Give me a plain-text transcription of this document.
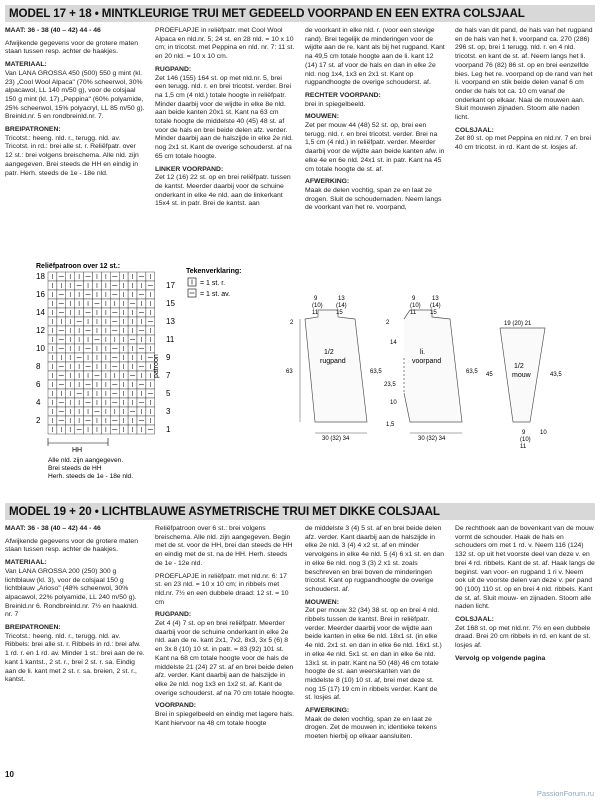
MODEL 17 + 18 • MINTKLEURIGE TRUI MET GEDEELD VOORPAND EN EEN EXTRA COLSJAAL

MAAT: 36 - 38 (40 – 42) 44 - 46

Afwijkende gegevens voor de grotere maten staan tussen resp. achter de haakjes.

MATERIAAL:

Van LANA GROSSA 450 (500) 550 g mint (kl. 23) „Cool Wool Alpaca" (70% scheerwol, 30% alpacawol, LL 140 m/50 g), voor de colsjaal 150 g mint (kl. 17) „Peppina" (60% polyamide, 25% scheerwol, 15% polyacryl, LL 85 m/50 g). Breinld.nr. 5 en rondbreinld.nr. 7.

BREIPATRONEN:

Tricotst.: heeng. nld. r., terugg. nld. av. Tricotst. in rd.: brei alle st. r. Reliëfpatr. over 12 st.: brei volgens breischema. Alle nld. zijn aangegeven. Brei steeds de HH en eindig in patr. Herh. steeds de 1e - 18e nld.

PROEFLAPJE in reliëfpatr. met Cool Wool Alpaca en nld.nr. 5; 24 st. en 28 nld. = 10 x 10 cm; in tricotst. met Peppina en nld. nr. 7: 11 st. en 20 nld. = 10 x 10 cm.

RUGPAND:

Zet 146 (155) 164 st. op met nld.nr. 5, brei een terugg. nld. r. en brei tricotst. verder. Brei na 1,5 cm (4 nld.) totale hoogte in reliëfpatr. Minder daarbij voor de wijdte in elke 8e nld. aan beide kanten 20x1 st. Kant na 63 cm totale hoogte de middelste 40 (45) 48 st. af voor de hals en brei beide delen afz. verder. Minder daarbij aan de halszijde in elke 2e nld. nog 2x1 st. Kant de overige schouderst. af na 65 cm totale hoogte.

LINKER VOORPAND:

Zet 12 (16) 22 st. op en brei reliëfpatr. tussen de kantst. Meerder daarbij voor de schuine onderkant in elke 4e nld. aan de linkerkant 15x4 st. in patr. Brei de kantst. aan

de voorkant in elke nld. r. (voor een stevige rand). Brei tegelijk de minderingen voor de wijdte aan de re. kant als bij het rugpand. Kant na 49,5 cm totale hoogte aan de li. kant 12 (14) 17 st. af voor de hals en dan in elke 2e nld. nog 1x4, 1x3 en 2x1 st. Kant op rugpandhoogte de overige schouderst. af.

RECHTER VOORPAND:

brei in spiegelbeeld.

MOUWEN:

Zet per mouw 44 (48) 52 st. op, brei een terugg. nld. r. en brei tricotst. verder. Brei na 1,5 cm (4 nld.) in reliëfpatr. verder. Meerder daarbij voor de wijdte aan beide kanten afw. in elke 4e en 6e nld. 24x1 st. in patr. Kant na 45 cm totale hoogte de st. af.

AFWERKING:

Maak de delen vochtig, span ze en laat ze drogen. Sluit de schoudernaden. Neem langs de voorkant van het re. voorpand,

de hals van dit pand, de hals van het rugpand en de hals van het li. voorpand ca. 270 (286) 296 st. op, brei 1 terugg. nld. r. en 4 nld. tricotst. en kant de st. af. Neem langs het li. voorpand 76 (82) 86 st. op en brei eenzelfde bies. Leg het re. voorpand op de rand van het li. voorpand en stik beide delen vanaf 6 cm onder de hals tot ca. 10 cm vanaf de onderkant op elkaar. Naai de mouwen aan. Sluit mouwen zijnaden. Stoom alle naden licht.

COLSJAAL:

Zet 80 st. op met Peppina en nld.nr. 7 en brei 40 cm tricotst. in rd. Kant de st. losjes af.

Reliëfpatroon over 12 st.:
18
16
14
12
10
8
6
4
2
17
15
13
11
9
7
5
3
1
patroon
HH
Alle nld. zijn aangegeven.
Brei steeds de HH
Herh. steeds de 1e - 18e nld.
Tekenverklaring:
= 1 st. r.
= 1 st. av.
1/2
rugpand
9
(10)
11
13
(14)
15
2
63	63,5
30 (32) 34
li.
voorpand
9
(10)
11
13
(14)
15
2
14
23,5
10
1,5
63,5
30 (32) 34
19 (20) 21
1/2
mouw
45	43,5
9
(10)
11
10
MODEL 19 + 20 • LICHTBLAUWE ASYMETRISCHE TRUI MET DIKKE COLSJAAL

MAAT: 36 - 38 (40 – 42) 44 - 46

Afwijkende gegevens voor de grotere maten staan tussen resp. achter de haakjes.

MATERIAAL:

Van LANA GROSSA 200 (250) 300 g lichtblauw (kl. 3), voor de colsjaal 150 g lichtblauw „Arioso" (48% scheerwol, 30% alpacawol, 22% polyamide, LL 240 m/50 g). Breinld.nr 6. Rondbreinld.nr. 7½ en haaknld. nr. 7

BREIPATRONEN:

Tricotst.: heeng. nld. r., terugg. nld. av. Ribbels: brei alle st. r. Ribbels in rd.: brei afw. 1 rd. r. en 1 rd. av. Minder 1 st.: brei aan de re. kant 1 kantst., 2 st. r., brei 2 st. r. sa. Eindig aan de li. kant met 2 st. r. sa. breien, 2 st. r., kantst.

Reliëfpatroon over 6 st.: brei volgens breischema. Alle nld. zijn aangegeven. Begin met de st. voor de HH, brei dan steeds de HH en eindig met de st. na de HH. Herh. steeds de 1e - 12e nld.

PROEFLAPJE in reliëfpatr. met nld.nr. 6: 17 st. en 23 nld. = 10 x 10 cm; in ribbels met nld.nr. 7½ en een dubbele draad: 12 st. = 10 cm

RUGPAND:

Zet 4 (4) 7 st. op en brei reliëfpatr. Meerder daarbij voor de schuine onderkant in elke 2e nld. aan de re. kant 2x1, 7x2, 8x3, 3x 5 (6) 8 en 3x 8 (10) 10 st. in patr. = 83 (92) 101 st. Kant na 68 cm totale hoogte voor de hals de middelste 21 (24) 27 st. af en brei beide delen afz. verder. Kant daarbij aan de halszijde in elke 2e nld. nog 1x3 en 1x2 st. af. Kant de overige schouderst. af na 70 cm totale hoogte.

VOORPAND:

Brei in spiegelbeeld en eindig met lagere hals. Kant hiervoor na 48 cm totale hoogte

de middelste 3 (4) 5 st. af en brei beide delen afz. verder. Kant daarbij aan de halszijde in elke 2e nld. 3 (4) 4 x2 st. af en minder vervolgens in elke 4e nld. 5 (4) 6 x1 st. en dan in elke 6e nld. nog 3 (3) 2 x1 st. zoals beschreven en brei boven de minderingen tricotst. Kant op rugpandhoogte de overige schouderst. af.

MOUWEN:

Zet per mouw 32 (34) 38 st. op en brei 4 nld. ribbels tussen de kantst. Brei in reliëfpatr. verder. Meerder daarbij voor de wijdte aan beide kanten in elke 6e nld. 18x1 st. (in elke 4e nld. 2x1 st. en dan in elke 6e nld. 16x1 st.) in elke 4e nld. 5x1 st. en dan in elke 6e nld. 13x1 st. in patr. Kant na 50 (48) 46 cm totale hoogte de st. aan weerskanten van de middelste 8 (10) 10 st. af, brei met deze st. nog 15 (17) 19 cm in ribbels verder. Kant de st. losjes af.

AFWERKING:

Maak de delen vochtig, span ze en laat ze drogen. Zet de mouwen in; identieke tekens moeten hierbij op elkaar aansluiten.

De rechthoek aan de bovenkant van de mouw vormt de schouder. Haak de hals en schouders om met 1 rd. v. Neem 116 (124) 132 st. op uit het voorste deel van deze v. en brei 4 rd. ribbels. Kant de st. af. Haak langs de beginst. van voor- en rugpand 1 ri v. Neem ook uit de voorste delen van deze v. per pand 90 (100) 110 st. op en brei 4 nld. ribbels. Kant de st. af. Sluit mouw- en zijnaden. Stoom alle naden licht.

COLSJAAL:

Zet 168 st. op met nld.nr. 7½ en een dubbele draad. Brei 20 cm ribbels in rd. en kant de st. losjes af.

Vervolg op volgende pagina

10
PassionForum.ru
